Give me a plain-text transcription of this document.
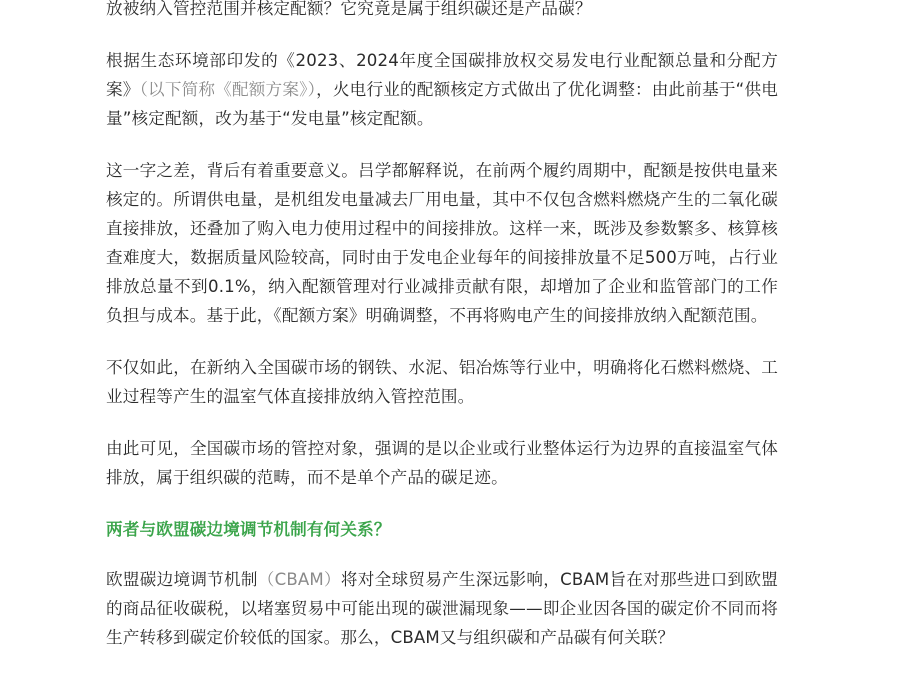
放被纳入管控范围并核定配额？它究竟是属于组织碳还是产品碳？

根据生态环境部印发的《2023、2024年度全国碳排放权交易发电行业配额总量和分配方案》（以下简称《配额方案》），火电行业的配额核定方式做出了优化调整：由此前基于“供电量”核定配额，改为基于“发电量”核定配额。

这一字之差，背后有着重要意义。吕学都解释说，在前两个履约周期中，配额是按供电量来核定的。所谓供电量，是机组发电量减去厂用电量，其中不仅包含燃料燃烧产生的二氧化碳直接排放，还叠加了购入电力使用过程中的间接排放。这样一来，既涉及参数繁多、核算核查难度大，数据质量风险较高，同时由于发电企业每年的间接排放量不足500万吨，占行业排放总量不到0.1%，纳入配额管理对行业减排贡献有限，却增加了企业和监管部门的工作负担与成本。基于此，《配额方案》明确调整，不再将购电产生的间接排放纳入配额范围。

不仅如此，在新纳入全国碳市场的钢铁、水泥、铝冶炼等行业中，明确将化石燃料燃烧、工业过程等产生的温室气体直接排放纳入管控范围。

由此可见，全国碳市场的管控对象，强调的是以企业或行业整体运行为边界的直接温室气体排放，属于组织碳的范畴，而不是单个产品的碳足迹。

两者与欧盟碳边境调节机制有何关系？

欧盟碳边境调节机制（CBAM）将对全球贸易产生深远影响，CBAM旨在对那些进口到欧盟的商品征收碳税，以堵塞贸易中可能出现的碳泄漏现象——即企业因各国的碳定价不同而将生产转移到碳定价较低的国家。那么，CBAM又与组织碳和产品碳有何关联？
